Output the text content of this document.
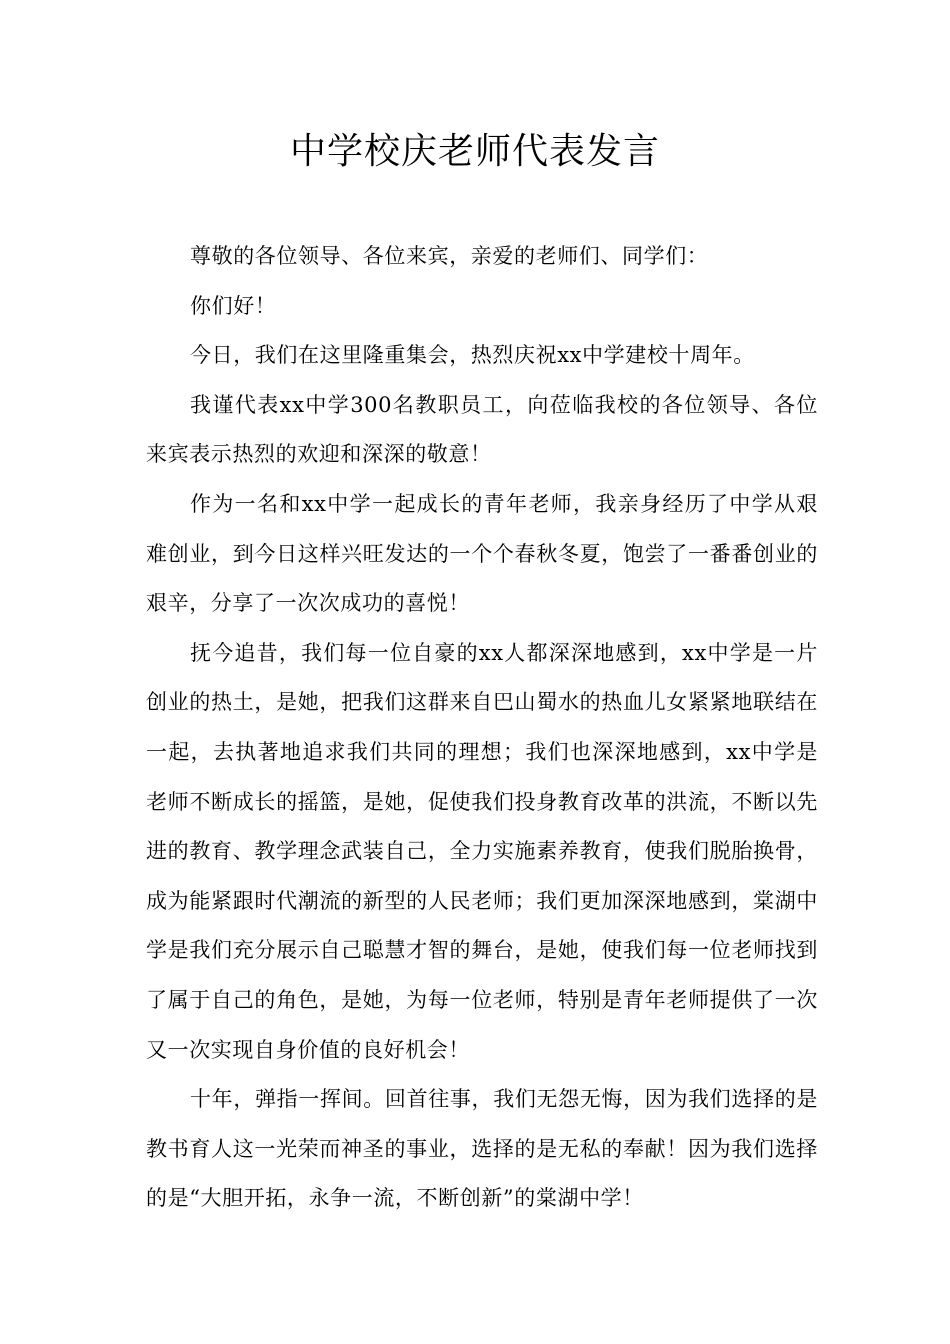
中学校庆老师代表发言

尊敬的各位领导、各位来宾，亲爱的老师们、同学们：

你们好！

今日，我们在这里隆重集会，热烈庆祝xx中学建校十周年。

我谨代表xx中学300名教职员工，向莅临我校的各位领导、各位来宾表示热烈的欢迎和深深的敬意！

作为一名和xx中学一起成长的青年老师，我亲身经历了中学从艰难创业，到今日这样兴旺发达的一个个春秋冬夏，饱尝了一番番创业的艰辛，分享了一次次成功的喜悦！

抚今追昔，我们每一位自豪的xx人都深深地感到，xx中学是一片创业的热土，是她，把我们这群来自巴山蜀水的热血儿女紧紧地联结在一起，去执著地追求我们共同的理想；我们也深深地感到，xx中学是老师不断成长的摇篮，是她，促使我们投身教育改革的洪流，不断以先进的教育、教学理念武装自己，全力实施素养教育，使我们脱胎换骨，成为能紧跟时代潮流的新型的人民老师；我们更加深深地感到，棠湖中学是我们充分展示自己聪慧才智的舞台，是她，使我们每一位老师找到了属于自己的角色，是她，为每一位老师，特别是青年老师提供了一次又一次实现自身价值的良好机会！

十年，弹指一挥间。回首往事，我们无怨无悔，因为我们选择的是教书育人这一光荣而神圣的事业，选择的是无私的奉献！因为我们选择的是“大胆开拓，永争一流，不断创新”的棠湖中学！
